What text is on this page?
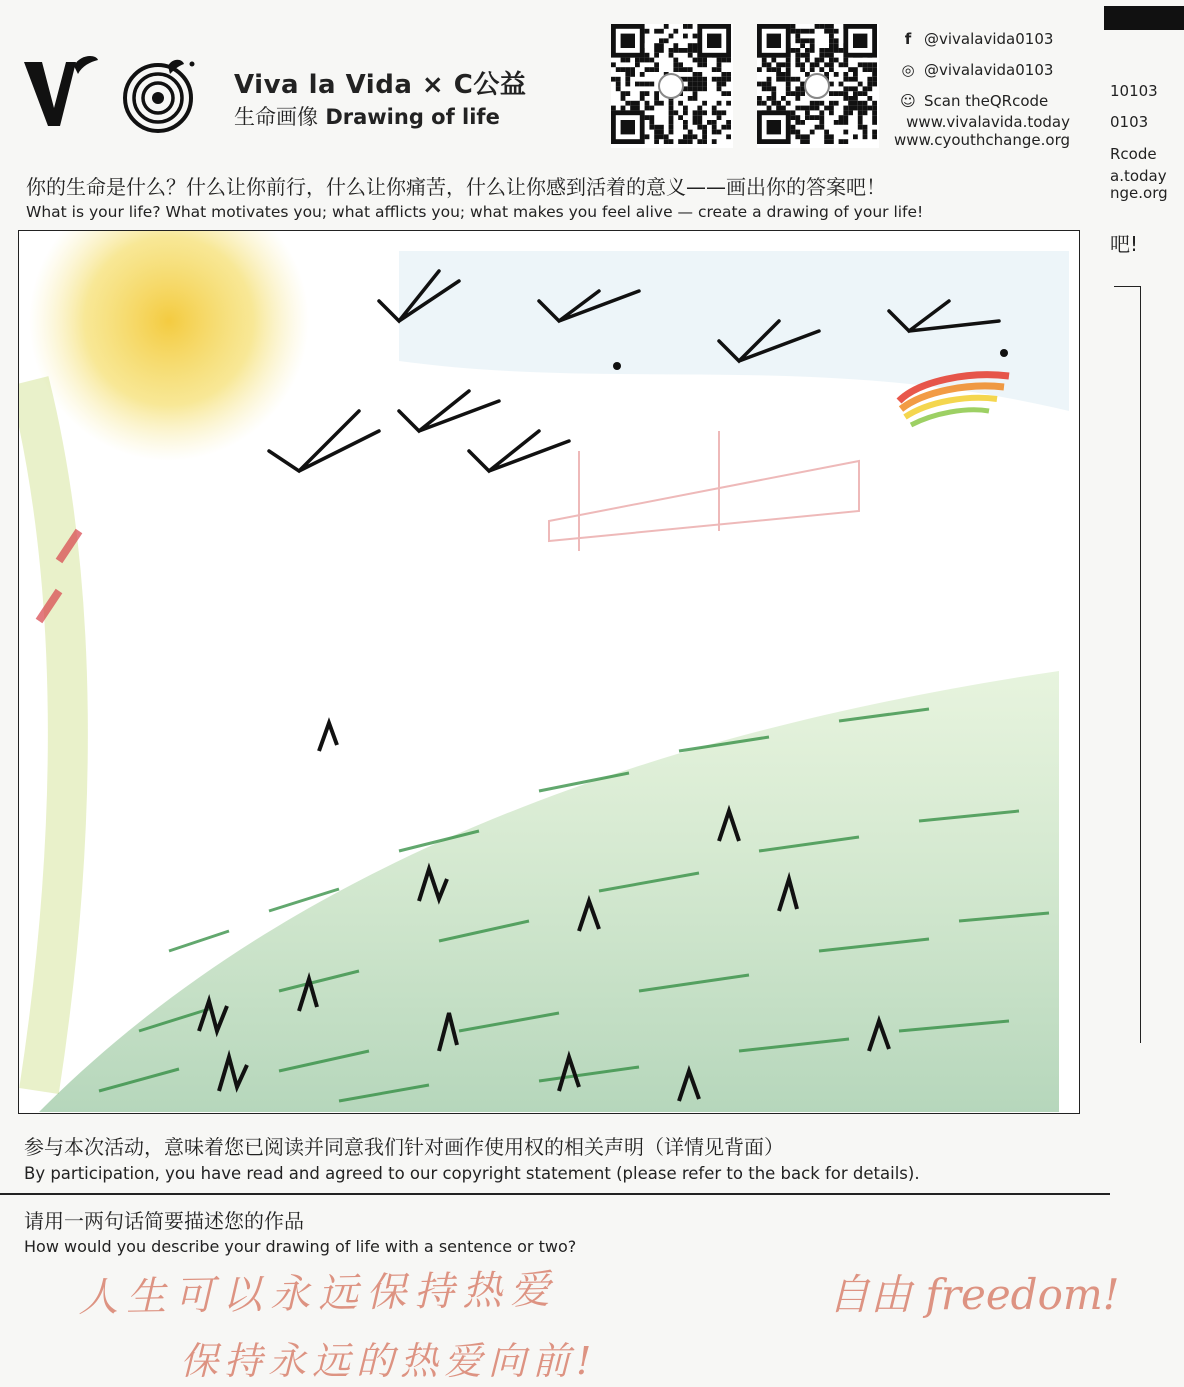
Viva la Vida × C公益
生命画像 Drawing of life
f @vivalavida0103
◎ @vivalavida0103
☺ Scan theQRcode
www.vivalavida.today
www.cyouthchange.org
10103
0103
Rcode
a.today
nge.org
吧!
你的生命是什么？什么让你前行，什么让你痛苦，什么让你感到活着的意义——画出你的答案吧！
What is your life? What motivates you; what afflicts you; what makes you feel alive — create a drawing of your life!
参与本次活动，意味着您已阅读并同意我们针对画作使用权的相关声明（详情见背面）
By participation, you have read and agreed to our copyright statement (please refer to the back for details).
请用一两句话简要描述您的作品
How would you describe your drawing of life with a sentence or two?
人生可以永远保持热爱	自由 freedom!
保持永远的热爱向前!
